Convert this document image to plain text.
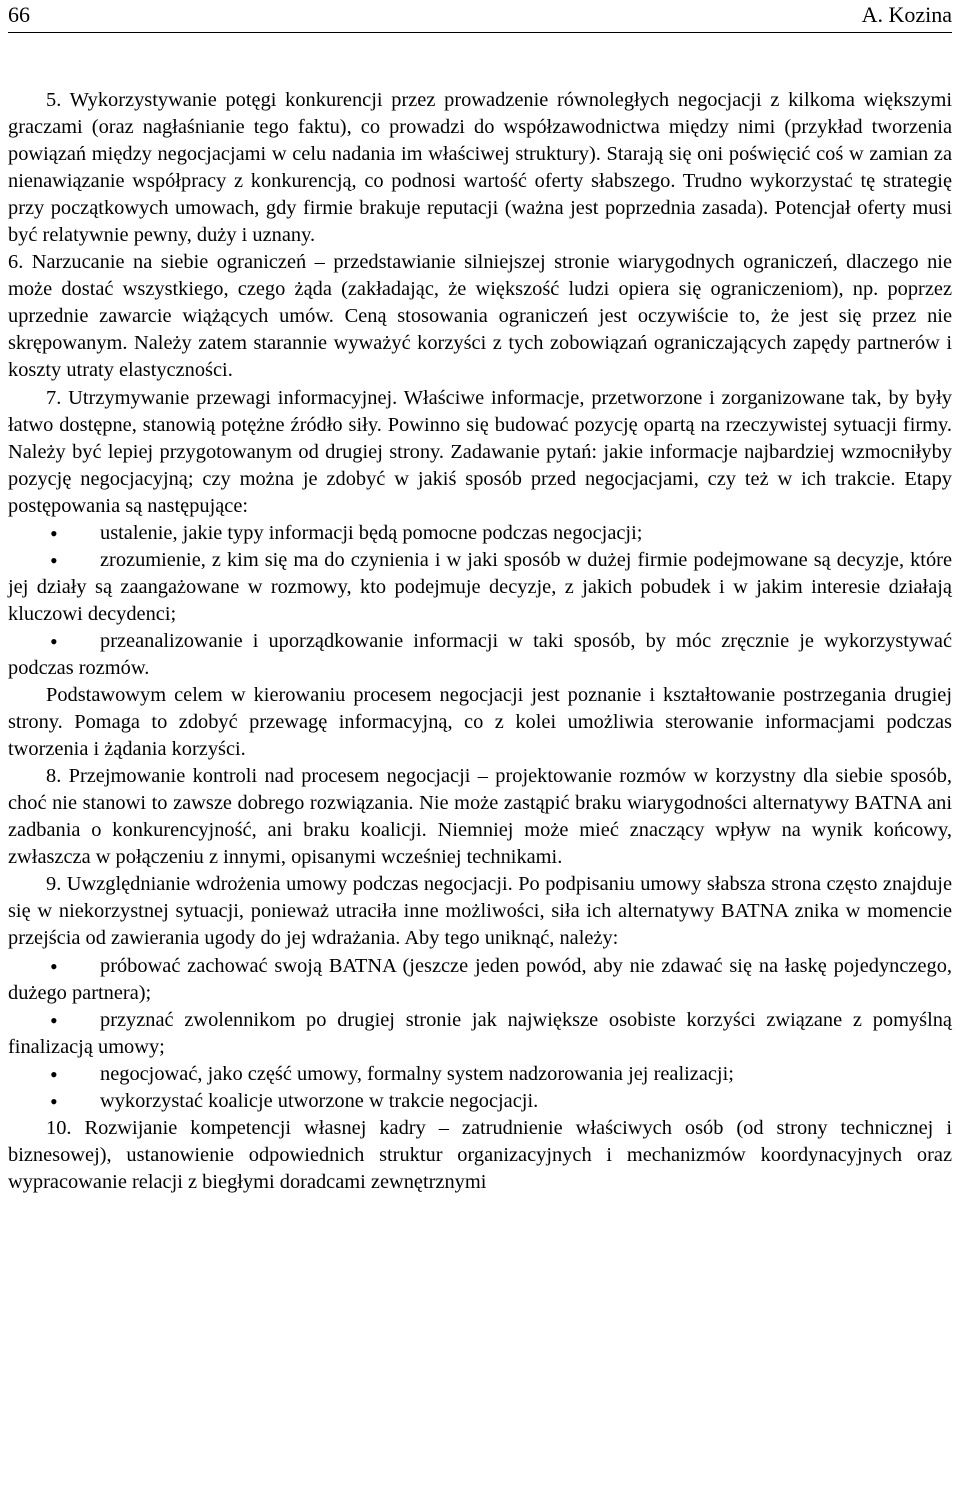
66	A. Kozina

5. Wykorzystywanie potęgi konkurencji przez prowadzenie równoległych negocjacji z kilkoma większymi graczami (oraz nagłaśnianie tego faktu), co prowadzi do współzawodnictwa między nimi (przykład tworzenia powiązań między negocjacjami w celu nadania im właściwej struktury). Starają się oni poświęcić coś w zamian za nienawiązanie współpracy z konkurencją, co podnosi wartość oferty słabszego. Trudno wykorzystać tę strategię przy początkowych umowach, gdy firmie brakuje reputacji (ważna jest poprzednia zasada). Potencjał oferty musi być relatywnie pewny, duży i uznany.

6. Narzucanie na siebie ograniczeń – przedstawianie silniejszej stronie wiarygodnych ograniczeń, dlaczego nie może dostać wszystkiego, czego żąda (zakładając, że większość ludzi opiera się ograniczeniom), np. poprzez uprzednie zawarcie wiążących umów. Ceną stosowania ograniczeń jest oczywiście to, że jest się przez nie skrępowanym. Należy zatem starannie wyważyć korzyści z tych zobowiązań ograniczających zapędy partnerów i koszty utraty elastyczności.

7. Utrzymywanie przewagi informacyjnej. Właściwe informacje, przetworzone i zorganizowane tak, by były łatwo dostępne, stanowią potężne źródło siły. Powinno się budować pozycję opartą na rzeczywistej sytuacji firmy. Należy być lepiej przygotowanym od drugiej strony. Zadawanie pytań: jakie informacje najbardziej wzmocniłyby pozycję negocjacyjną; czy można je zdobyć w jakiś sposób przed negocjacjami, czy też w ich trakcie. Etapy postępowania są następujące:

• ustalenie, jakie typy informacji będą pomocne podczas negocjacji;
• zrozumienie, z kim się ma do czynienia i w jaki sposób w dużej firmie podejmowane są decyzje, które jej działy są zaangażowane w rozmowy, kto podejmuje decyzje, z jakich pobudek i w jakim interesie działają kluczowi decydenci;
• przeanalizowanie i uporządkowanie informacji w taki sposób, by móc zręcznie je wykorzystywać podczas rozmów.

Podstawowym celem w kierowaniu procesem negocjacji jest poznanie i kształtowanie postrzegania drugiej strony. Pomaga to zdobyć przewagę informacyjną, co z kolei umożliwia sterowanie informacjami podczas tworzenia i żądania korzyści.

8. Przejmowanie kontroli nad procesem negocjacji – projektowanie rozmów w korzystny dla siebie sposób, choć nie stanowi to zawsze dobrego rozwiązania. Nie może zastąpić braku wiarygodności alternatywy BATNA ani zadbania o konkurencyjność, ani braku koalicji. Niemniej może mieć znaczący wpływ na wynik końcowy, zwłaszcza w połączeniu z innymi, opisanymi wcześniej technikami.

9. Uwzględnianie wdrożenia umowy podczas negocjacji. Po podpisaniu umowy słabsza strona często znajduje się w niekorzystnej sytuacji, ponieważ utraciła inne możliwości, siła ich alternatywy BATNA znika w momencie przejścia od zawierania ugody do jej wdrażania. Aby tego uniknąć, należy:

• próbować zachować swoją BATNA (jeszcze jeden powód, aby nie zdawać się na łaskę pojedynczego, dużego partnera);
• przyznać zwolennikom po drugiej stronie jak największe osobiste korzyści związane z pomyślną finalizacją umowy;
• negocjować, jako część umowy, formalny system nadzorowania jej realizacji;
• wykorzystać koalicje utworzone w trakcie negocjacji.

10. Rozwijanie kompetencji własnej kadry – zatrudnienie właściwych osób (od strony technicznej i biznesowej), ustanowienie odpowiednich struktur organizacyjnych i mechanizmów koordynacyjnych oraz wypracowanie relacji z biegłymi doradcami zewnętrznymi
